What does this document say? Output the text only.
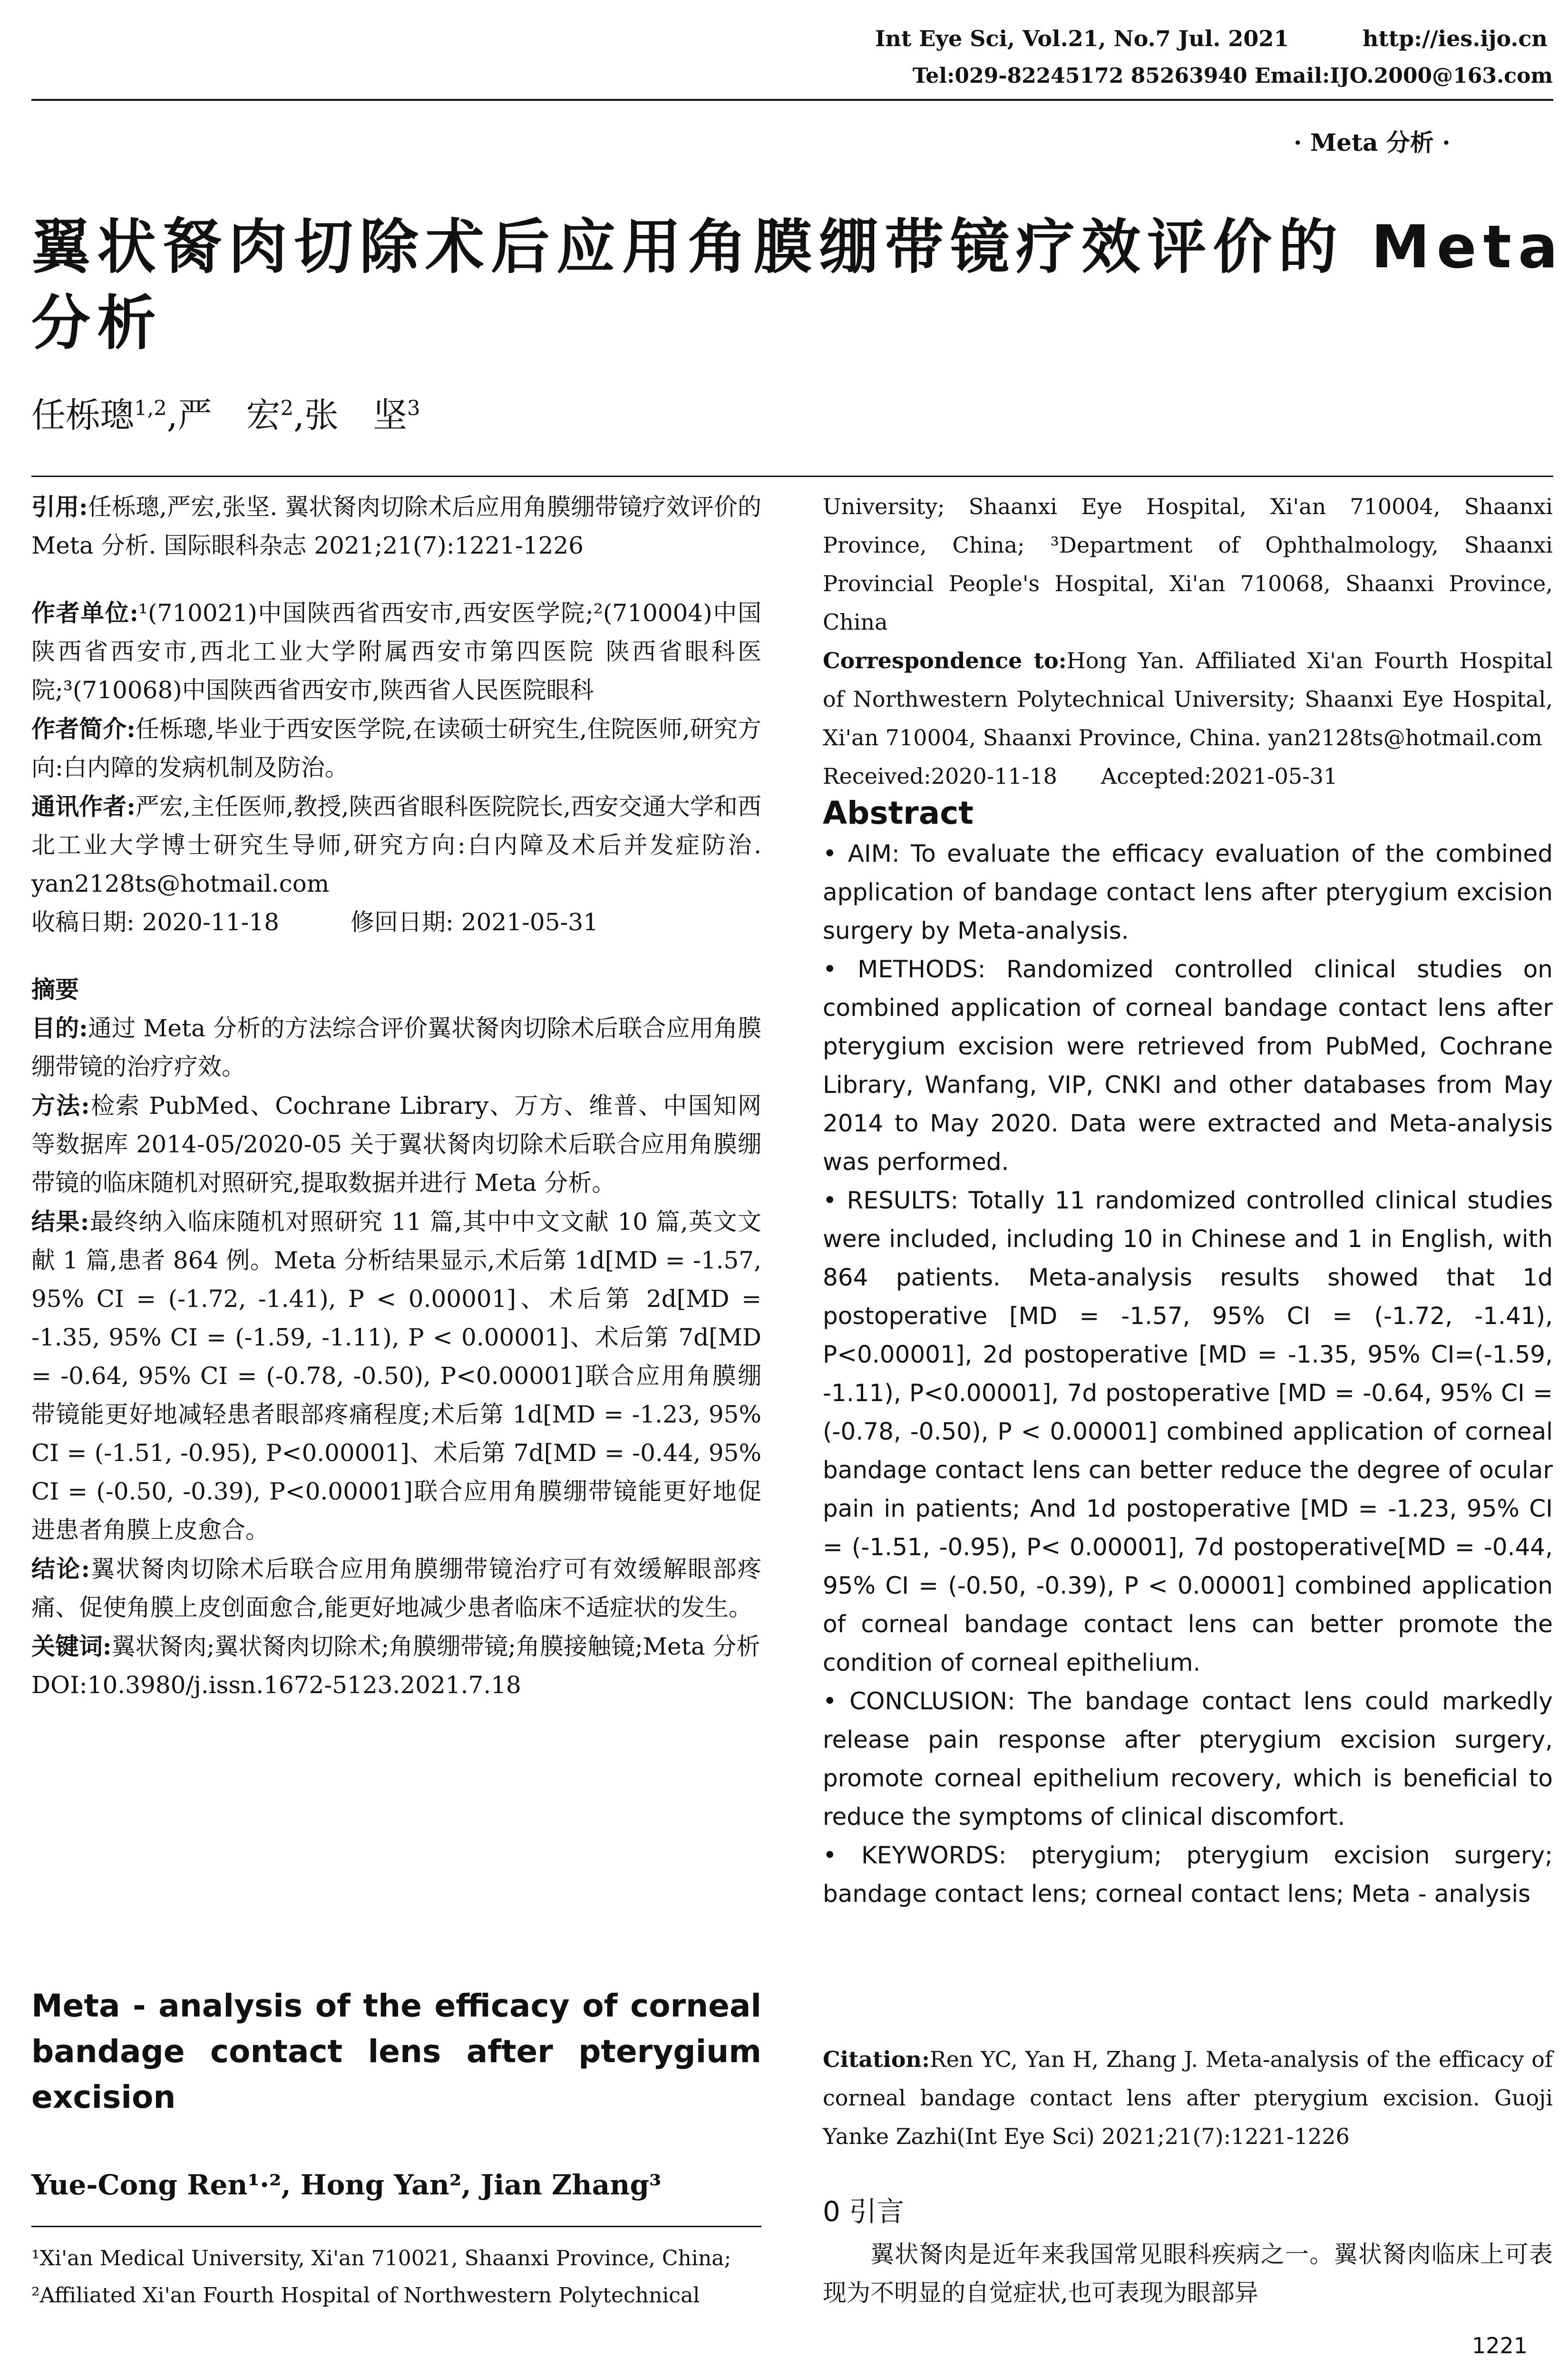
Int Eye Sci, Vol.21, No.7 Jul. 2021	http://ies.ijo.cn
Tel:029-82245172 85263940 Email:IJO.2000@163.com
· Meta 分析 ·
翼状胬肉切除术后应用角膜绷带镜疗效评价的 Meta
分析
任栎璁$^{1,2}$,严　宏$^2$,张　坚$^3$

引用:任栎璁,严宏,张坚. 翼状胬肉切除术后应用角膜绷带镜疗效评价的 Meta 分析. 国际眼科杂志 2021;21(7):1221-1226

作者单位:¹(710021)中国陕西省西安市,西安医学院;²(710004)中国陕西省西安市,西北工业大学附属西安市第四医院 陕西省眼科医院;³(710068)中国陕西省西安市,陕西省人民医院眼科

作者简介:任栎璁,毕业于西安医学院,在读硕士研究生,住院医师,研究方向:白内障的发病机制及防治。

通讯作者:严宏,主任医师,教授,陕西省眼科医院院长,西安交通大学和西北工业大学博士研究生导师,研究方向:白内障及术后并发症防治. yan2128ts@hotmail.com

收稿日期: 2020-11-18　　　修回日期: 2021-05-31

摘要

目的:通过 Meta 分析的方法综合评价翼状胬肉切除术后联合应用角膜绷带镜的治疗疗效。

方法:检索 PubMed、Cochrane Library、万方、维普、中国知网等数据库 2014-05/2020-05 关于翼状胬肉切除术后联合应用角膜绷带镜的临床随机对照研究,提取数据并进行 Meta 分析。

结果:最终纳入临床随机对照研究 11 篇,其中中文文献 10 篇,英文文献 1 篇,患者 864 例。Meta 分析结果显示,术后第 1d[MD = -1.57, 95% CI = (-1.72, -1.41), P < 0.00001]、术后第 2d[MD = -1.35, 95% CI = (-1.59, -1.11), P < 0.00001]、术后第 7d[MD = -0.64, 95% CI = (-0.78, -0.50), P<0.00001]联合应用角膜绷带镜能更好地减轻患者眼部疼痛程度;术后第 1d[MD = -1.23, 95% CI = (-1.51, -0.95), P<0.00001]、术后第 7d[MD = -0.44, 95% CI = (-0.50, -0.39), P<0.00001]联合应用角膜绷带镜能更好地促进患者角膜上皮愈合。

结论:翼状胬肉切除术后联合应用角膜绷带镜治疗可有效缓解眼部疼痛、促使角膜上皮创面愈合,能更好地减少患者临床不适症状的发生。

关键词:翼状胬肉;翼状胬肉切除术;角膜绷带镜;角膜接触镜;Meta 分析

DOI:10.3980/j.issn.1672-5123.2021.7.18

Meta - analysis of the efficacy of corneal bandage contact lens after pterygium excision
Yue-Cong Ren¹·², Hong Yan², Jian Zhang³
¹Xi'an Medical University, Xi'an 710021, Shaanxi Province, China;
²Affiliated Xi'an Fourth Hospital of Northwestern Polytechnical

University; Shaanxi Eye Hospital, Xi'an 710004, Shaanxi Province, China; ³Department of Ophthalmology, Shaanxi Provincial People's Hospital, Xi'an 710068, Shaanxi Province, China

Correspondence to:Hong Yan. Affiliated Xi'an Fourth Hospital of Northwestern Polytechnical University; Shaanxi Eye Hospital, Xi'an 710004, Shaanxi Province, China. yan2128ts@hotmail.com

Received:2020-11-18　　Accepted:2021-05-31

Abstract

• AIM: To evaluate the efficacy evaluation of the combined application of bandage contact lens after pterygium excision surgery by Meta-analysis.

• METHODS: Randomized controlled clinical studies on combined application of corneal bandage contact lens after pterygium excision were retrieved from PubMed, Cochrane Library, Wanfang, VIP, CNKI and other databases from May 2014 to May 2020. Data were extracted and Meta-analysis was performed.

• RESULTS: Totally 11 randomized controlled clinical studies were included, including 10 in Chinese and 1 in English, with 864 patients. Meta-analysis results showed that 1d postoperative [MD = -1.57, 95% CI = (-1.72, -1.41), P<0.00001], 2d postoperative [MD = -1.35, 95% CI=(-1.59, -1.11), P<0.00001], 7d postoperative [MD = -0.64, 95% CI = (-0.78, -0.50), P < 0.00001] combined application of corneal bandage contact lens can better reduce the degree of ocular pain in patients; And 1d postoperative [MD = -1.23, 95% CI = (-1.51, -0.95), P< 0.00001], 7d postoperative[MD = -0.44, 95% CI = (-0.50, -0.39), P < 0.00001] combined application of corneal bandage contact lens can better promote the condition of corneal epithelium.

• CONCLUSION: The bandage contact lens could markedly release pain response after pterygium excision surgery, promote corneal epithelium recovery, which is beneficial to reduce the symptoms of clinical discomfort.

• KEYWORDS: pterygium; pterygium excision surgery; bandage contact lens; corneal contact lens; Meta - analysis

Citation:Ren YC, Yan H, Zhang J. Meta-analysis of the efficacy of corneal bandage contact lens after pterygium excision. Guoji Yanke Zazhi(Int Eye Sci) 2021;21(7):1221-1226
0 引言
翼状胬肉是近年来我国常见眼科疾病之一。翼状胬肉临床上可表现为不明显的自觉症状,也可表现为眼部异
1221
